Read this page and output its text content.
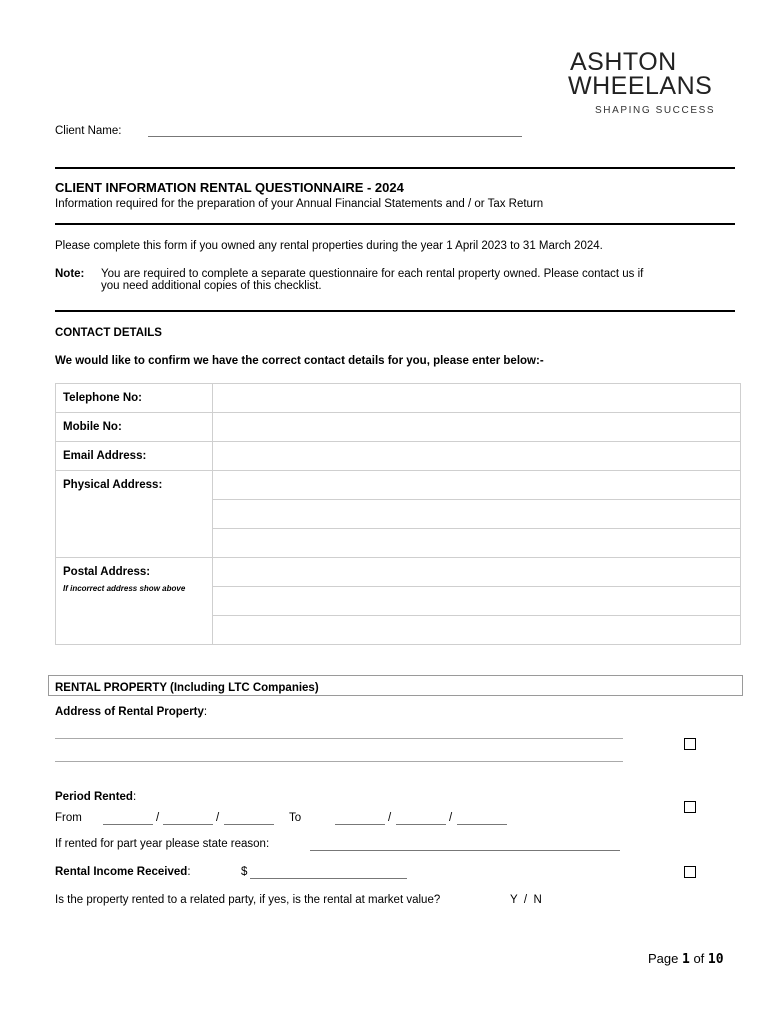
ASHTON
WHEELANS
SHAPING SUCCESS
Client Name:
CLIENT INFORMATION RENTAL QUESTIONNAIRE - 2024
Information required for the preparation of your Annual Financial Statements and / or Tax Return
Please complete this form if you owned any rental properties during the year 1 April 2023 to 31 March 2024.
Note: You are required to complete a separate questionnaire for each rental property owned. Please contact us if
you need additional copies of this checklist.
CONTACT DETAILS
We would like to confirm we have the correct contact details for you, please enter below:-
Telephone No:	
Mobile No:	
Email Address:	
Physical Address:	

Postal Address:
If incorrect address show above	

RENTAL PROPERTY (Including LTC Companies)
Address of Rental Property:
Period Rented:
From	/	/	To	/	/
If rented for part year please state reason:
Rental Income Received:	$
Is the property rented to a related party, if yes, is the rental at market value?	Y  /  N
Page 1 of 10
